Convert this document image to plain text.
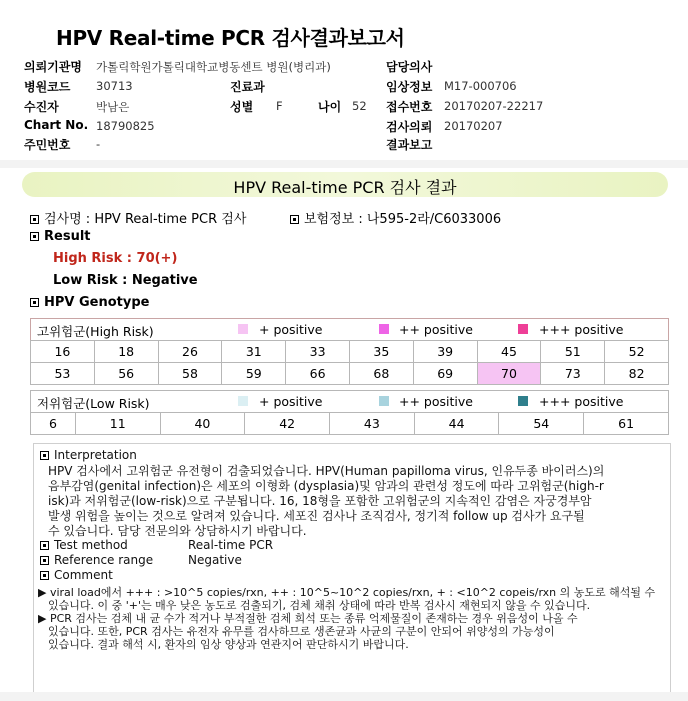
HPV Real-time PCR 검사결과보고서
의뢰기관명 가톨릭학원가톨릭대학교병동센트 병원(병리과)	담당의사
병원코드 30713	진료과	임상정보 M17-000706
수진자	박남은	성별 F	나이 52 접수번호 20170207-22217
Chart No. 18790825	검사의뢰 20170207
주민번호 -	결과보고
HPV Real-time PCR 검사 결과
검사명 : HPV Real-time PCR 검사	보험정보 : 나595-2라/C6033006
Result
High Risk : 70(+)
Low Risk : Negative
HPV Genotype
고위험군(High Risk)	+ positive	++ positive	+++ positive
16	18	26	31	33	35	39	45	51	52
53	56	58	59	66	68	69	70	73	82
저위험군(Low Risk)	+ positive	++ positive	+++ positive
6	11	40	42	43	44	54	61
Interpretation
HPV 검사에서 고위험군 유전형이 검출되었습니다. HPV(Human papilloma virus, 인유두종 바이러스)의
음부감염(genital infection)은 세포의 이형화 (dysplasia)및 암과의 관련성 정도에 따라 고위험군(high-r
isk)과 저위험군(low-risk)으로 구분됩니다. 16, 18형을 포함한 고위험군의 지속적인 감염은 자궁경부암
발생 위험을 높이는 것으로 알려져 있습니다. 세포진 검사나 조직검사, 정기적 follow up 검사가 요구될
수 있습니다. 담당 전문의와 상담하시기 바랍니다.
Test method	Real-time PCR
Reference range	Negative
Comment
▶ viral load에서 +++ : >10^5 copies/rxn, ++ : 10^5~10^2 copies/rxn, + : <10^2 copeis/rxn 의 농도로 해석될 수
있습니다. 이 중 '+'는 매우 낮은 농도로 검출되기, 검체 채취 상태에 따라 반복 검사시 재현되지 않을 수 있습니다.
▶ PCR 검사는 검체 내 균 수가 적거나 부적절한 검체 희석 또는 종류 억제물질이 존재하는 경우 위음성이 나올 수
있습니다. 또한, PCR 검사는 유전자 유무를 검사하므로 생존균과 사균의 구분이 안되어 위양성의 가능성이
있습니다. 결과 해석 시, 환자의 임상 양상과 연관지어 판단하시기 바랍니다.
